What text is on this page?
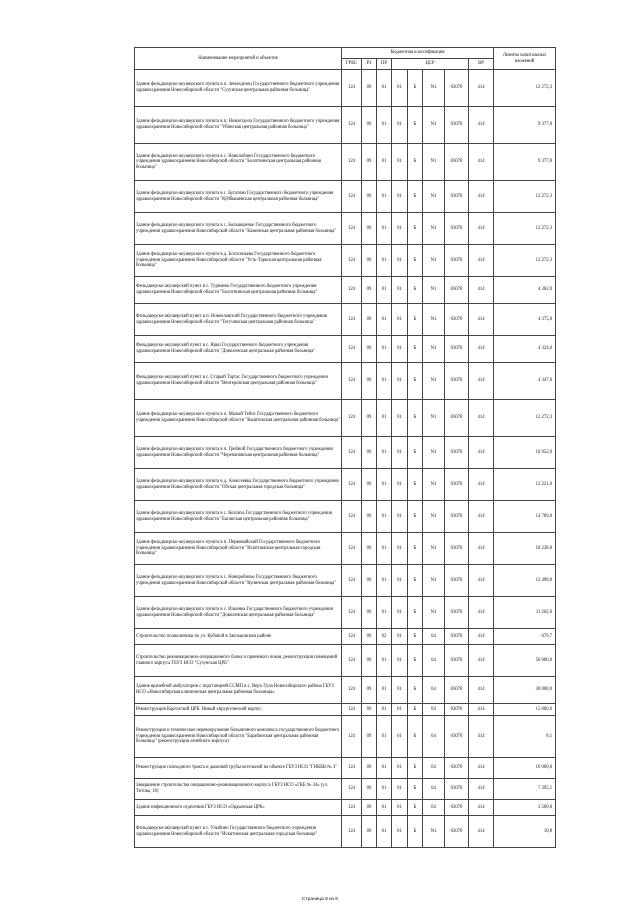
Наименование мероприятий и объектов	Бюджетная классификация								Лимиты капитальных вложений
	ГРБС	РЗ	ПР	ЦСР				ВР	
Здание фельдшерско-акушерского пункта в п. Земледелец Государственного бюджетного учреждения здравоохранения Новосибирской области "Сузунская центральная районная больница"	124	09	01	01	Б	N1	03070	414	12 272,3
Здание фельдшерско-акушерского пункта в п. Новоотдела Государственного бюджетного учреждения здравоохранения Новосибирской области "Убинская центральная районная больница"	124	09	01	01	Б	N1	03070	414	9 377,8
Здание фельдшерско-акушерского пункта в с. Новолобино Государственного бюджетного учреждения здравоохранения Новосибирской области "Болотнинская центральная районная больница"	124	09	01	01	Б	N1	03070	414	9 377,8
Здание фельдшерско-акушерского пункта в с. Бугатово Государственного бюджетного учреждения здравоохранения Новосибирской области "Куйбышевская центральная районная больница"	124	09	01	01	Б	N1	03070	414	12 272,3
Здание фельдшерско-акушерского пункта в с. Большеречье Государственного бюджетного учреждения здравоохранения Новосибирской области "Каменская центральная районная больница"	124	09	01	01	Б	N1	03070	414	12 272,3
Здание фельдшерско-акушерского пункта в д. Ботосеньева Государственного бюджетного учреждения здравоохранения Новосибирской области "Усть-Таркская центральная районная больница"	124	09	01	01	Б	N1	03070	414	12 272,3
Фельдшерско-акушерский пункт в с. Турнаево Государственного бюджетного учреждения здравоохранения Новосибирской области "Болотнинская центральная районная больница"	124	09	01	01	Б	N1	03070	414	4 362,0
Фельдшерско-акушерский пункт в п. Новоеловский Государственного бюджетного учреждения здравоохранения Новосибирской области "Тогучинская центральная районная больница"	124	09	01	01	Б	N1	03070	414	4 375,0
Фельдшерско-акушерский пункт в с. Ярки Государственного бюджетного учреждения здравоохранения Новосибирской области "Доволенская центральная районная больница"	124	09	01	01	Б	N1	03070	414	4 324,0
Фельдшерско-акушерский пункт в с. Старый Тартас Государственного бюджетного учреждения здравоохранения Новосибирской области "Венгеровская центральная районная больница"	124	09	01	01	Б	N1	03070	414	4 347,0
Здание фельдшерско-акушерского пункта в п. Малый Тебис Государственного бюджетного учреждения здравоохранения Новосибирской области "Кыштовская центральная районная больница"	124	09	01	01	Б	N1	03070	414	12 272,3
Здание фельдшерско-акушерского пункта в п. Гребной Государственного бюджетного учреждения здравоохранения Новосибирской области "Черепановская центральная районная больница"	124	09	01	01	Б	N1	03070	414	10 952,0
Здание фельдшерско-акушерского пункта в д. Алексеевка Государственного бюджетного учреждения здравоохранения Новосибирской области "Обская центральная городская больница"	124	09	01	01	Б	N1	03070	414	12 221,0
Здание фельдшерско-акушерского пункта в с. Козлиха Государственного бюджетного учреждения здравоохранения Новосибирской области "Баганская центральная районная больница"	124	09	01	01	Б	N1	03070	414	14 789,0
Здание фельдшерско-акушерского пункта в п. Первомайский Государственного бюджетного учреждения здравоохранения Новосибирской области "Искитимская центральная городская больница"	124	09	01	01	Б	N1	03070	414	10 238,0
Здание фельдшерско-акушерского пункта в с. Новоробичье Государственного бюджетного учреждения здравоохранения Новосибирской области "Купинская центральная районная больница"	124	09	01	01	Б	N1	03070	414	12 498,0
Здание фельдшерско-акушерского пункта в с. Ильинка Государственного бюджетного учреждения здравоохранения Новосибирской области "Доволенская центральная районная больница"	124	09	01	01	Б	N1	03070	414	11 262,0
Строительство поликлиники по ул. Кубовой в Заельцовском районе	124	09	02	01	Б	04	03070	414	679,7
Строительство реанимационно-операционного блока и приемного покоя, реконструкция помещений главного корпуса ГБУЗ НСО "Сузунская ЦРБ"	124	09	01	01	Б	04	03070	414	50 000,0
Здание врачебной амбулатории с подстанцией ССМП в с. Верх-Тула Новосибирского района ГБУЗ НСО «Новосибирская клиническая центральная районная больница»	124	09	01	01	Б	04	03070	414	30 000,0
Реконструкция Каргатской ЦРБ. Новый хирургический корпус.	124	09	01	01	Б	04	03070	414	15 000,0
Реконструкция и техническое перевооружение больничного комплекса государственного бюджетного учреждения здравоохранения Новосибирской области "Барабинская центральная районная больница" (реконструкция лечебного корпуса)	124	09	01	01	Б	04	03070	414	8,1
Реконструкция газоходного тракта и дымовой трубы котельной на объекте ГБУЗ НСО "ГНКБВ № 3"	124	09	01	01	Б	04	03070	414	10 000,0
Завершение строительства операционно-реанимационного корпуса ГБУЗ НСО «ГКБ № 34» (ул. Титова, 18)	124	09	01	01	Б	04	03070	414	7 395,1
Здание инфекционного отделения ГБУЗ НСО «Ордынская ЦРБ»	124	09	01	01	Б	04	03070	414	3 500,0
Фельдшерско-акушерский пункт в с. Улыбино Государственного бюджетного учреждения здравоохранения Новосибирской области "Искитимская центральная городская больница"	124	09	01	01	Б	N1	03070	414	10,8
Страница 8 из 8
